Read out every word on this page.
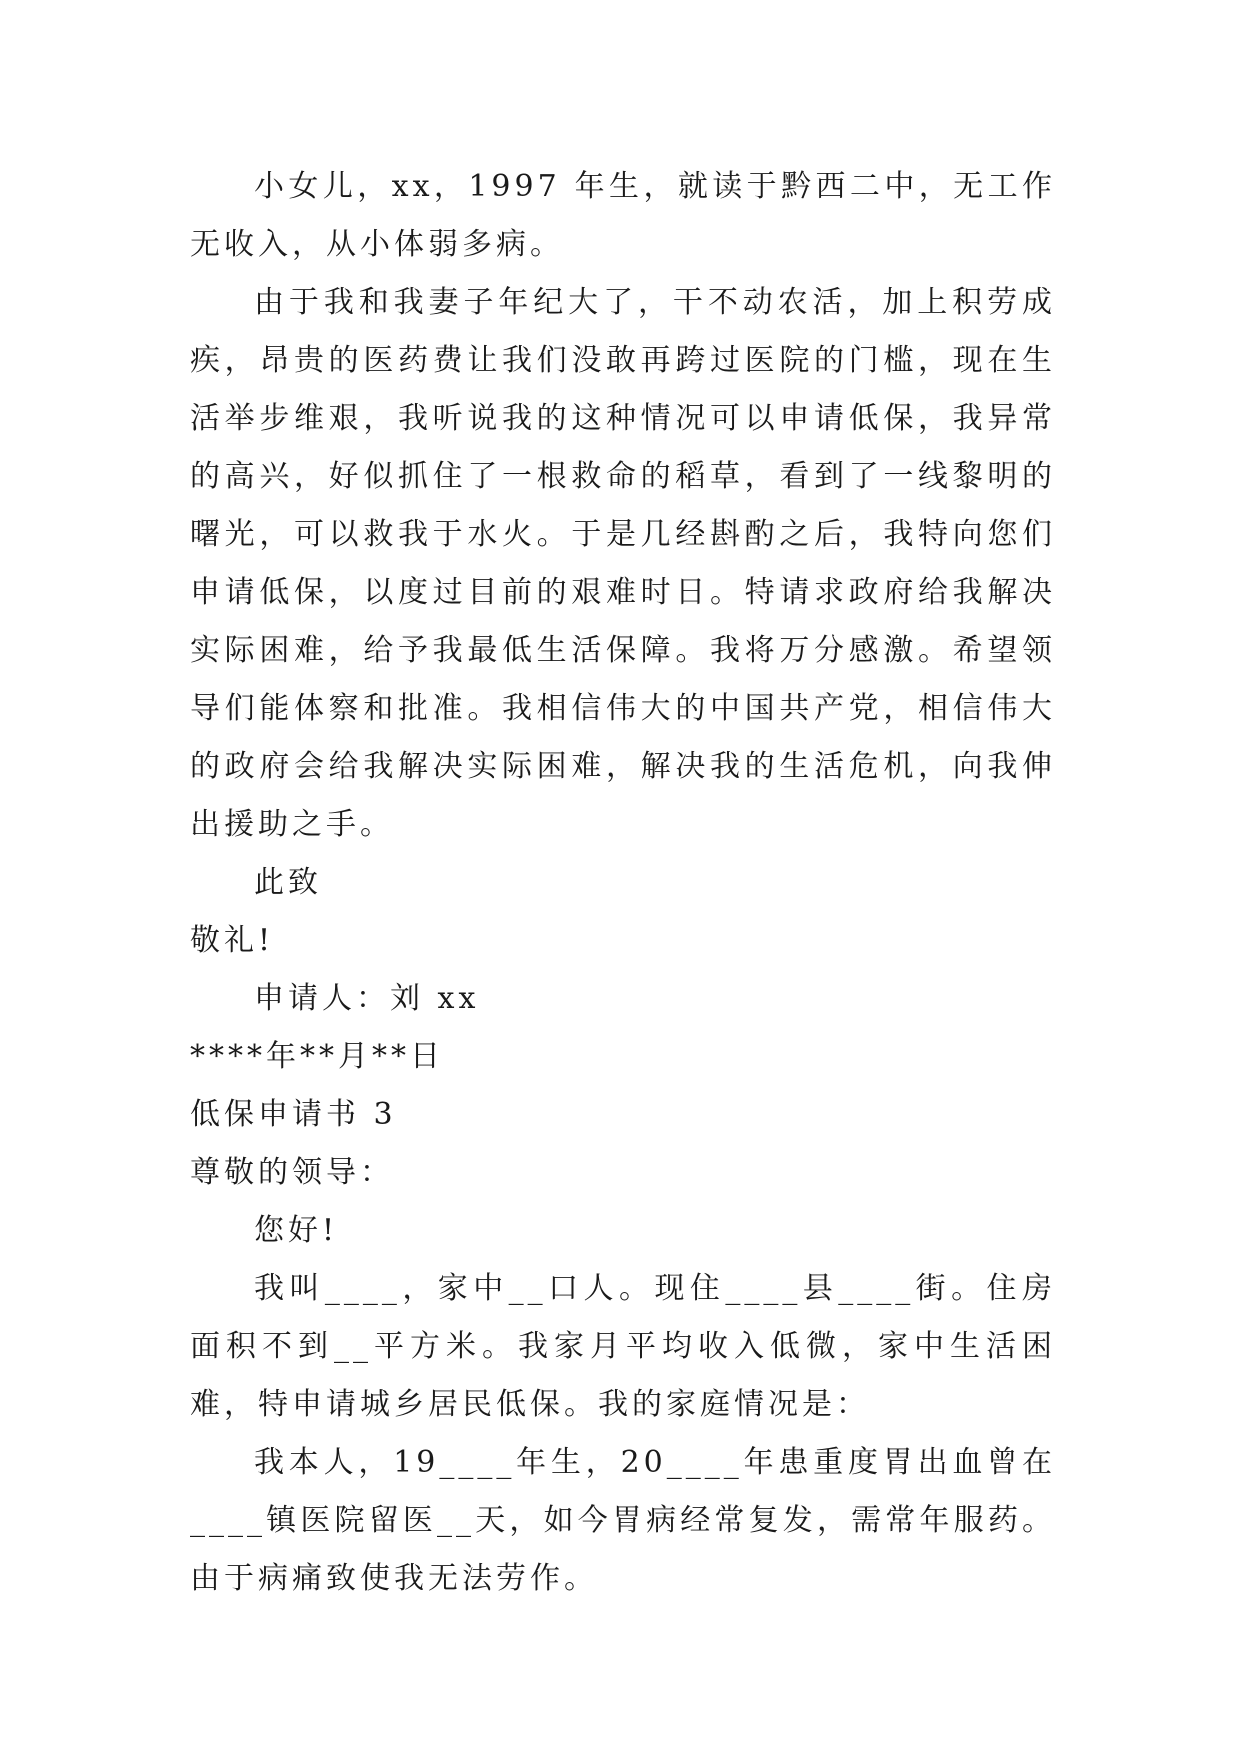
小女儿，xx，1997 年生，就读于黔西二中，无工作无收入，从小体弱多病。

由于我和我妻子年纪大了，干不动农活，加上积劳成疾，昂贵的医药费让我们没敢再跨过医院的门槛，现在生活举步维艰，我听说我的这种情况可以申请低保，我异常的高兴，好似抓住了一根救命的稻草，看到了一线黎明的曙光，可以救我于水火。于是几经斟酌之后，我特向您们申请低保，以度过目前的艰难时日。特请求政府给我解决实际困难，给予我最低生活保障。我将万分感激。希望领导们能体察和批准。我相信伟大的中国共产党，相信伟大的政府会给我解决实际困难，解决我的生活危机，向我伸出援助之手。

此致

敬礼!

申请人：刘 xx

****年**月**日

低保申请书 3

尊敬的领导：

您好!

我叫____，家中__口人。现住____县____街。住房面积不到__平方米。我家月平均收入低微，家中生活困难，特申请城乡居民低保。我的家庭情况是：

我本人，19____年生，20____年患重度胃出血曾在____镇医院留医__天，如今胃病经常复发，需常年服药。由于病痛致使我无法劳作。
